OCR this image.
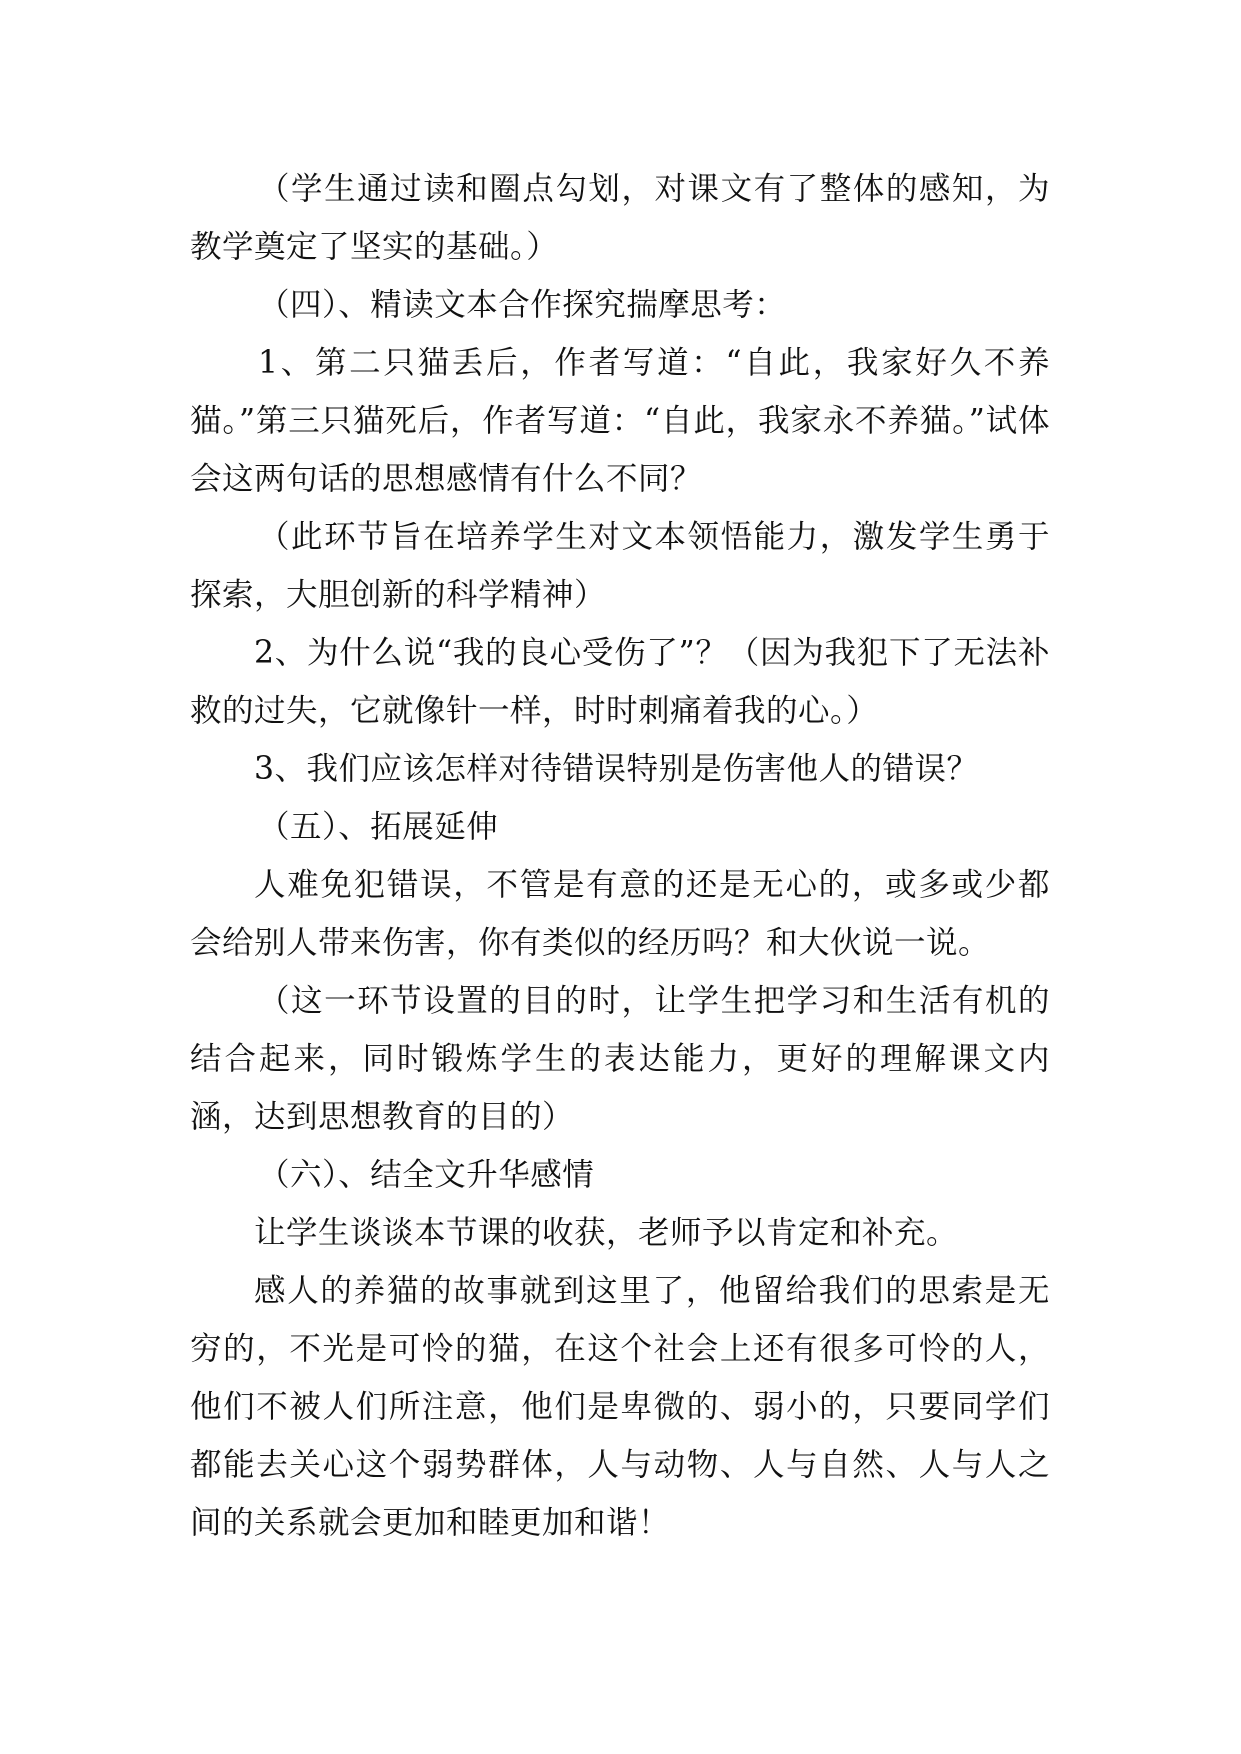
（学生通过读和圈点勾划，对课文有了整体的感知，为教学奠定了坚实的基础。）

（四）、精读文本合作探究揣摩思考：

1、第二只猫丢后，作者写道：“自此，我家好久不养猫。”第三只猫死后，作者写道：“自此，我家永不养猫。”试体会这两句话的思想感情有什么不同？

（此环节旨在培养学生对文本领悟能力，激发学生勇于探索，大胆创新的科学精神）

2、为什么说“我的良心受伤了”？（因为我犯下了无法补救的过失，它就像针一样，时时刺痛着我的心。）

3、我们应该怎样对待错误特别是伤害他人的错误？

（五）、拓展延伸

人难免犯错误，不管是有意的还是无心的，或多或少都会给别人带来伤害，你有类似的经历吗？和大伙说一说。

（这一环节设置的目的时，让学生把学习和生活有机的结合起来，同时锻炼学生的表达能力，更好的理解课文内涵，达到思想教育的目的）

（六）、结全文升华感情

让学生谈谈本节课的收获，老师予以肯定和补充。

感人的养猫的故事就到这里了，他留给我们的思索是无穷的，不光是可怜的猫，在这个社会上还有很多可怜的人，他们不被人们所注意，他们是卑微的、弱小的，只要同学们都能去关心这个弱势群体，人与动物、人与自然、人与人之间的关系就会更加和睦更加和谐！
